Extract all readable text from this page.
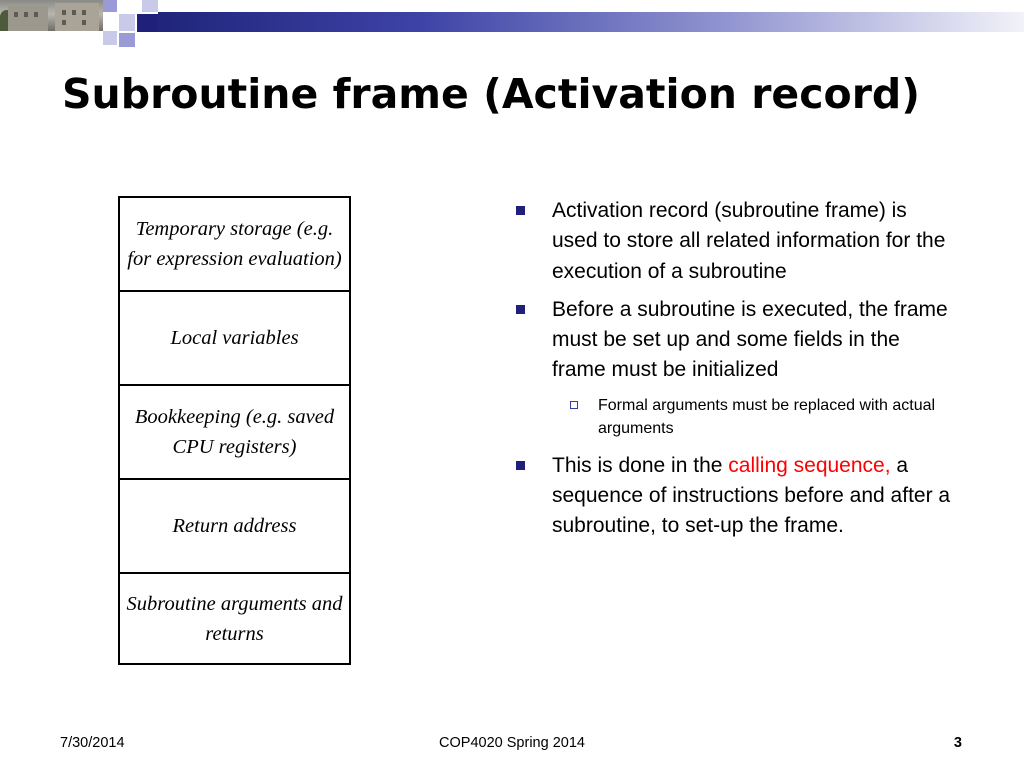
Subroutine frame (Activation record)
Temporary storage (e.g. for expression evaluation)
Local variables
Bookkeeping (e.g. saved CPU registers)
Return address
Subroutine arguments and returns
Activation record (subroutine frame) is used to store all related information for the execution of a subroutine
Before a subroutine is executed, the frame must be set up and some fields in the frame must be initialized
Formal arguments must be replaced with actual arguments
This is done in the calling sequence, a sequence of instructions before and after a subroutine, to set-up the frame.
7/30/2014	COP4020 Spring 2014	3
